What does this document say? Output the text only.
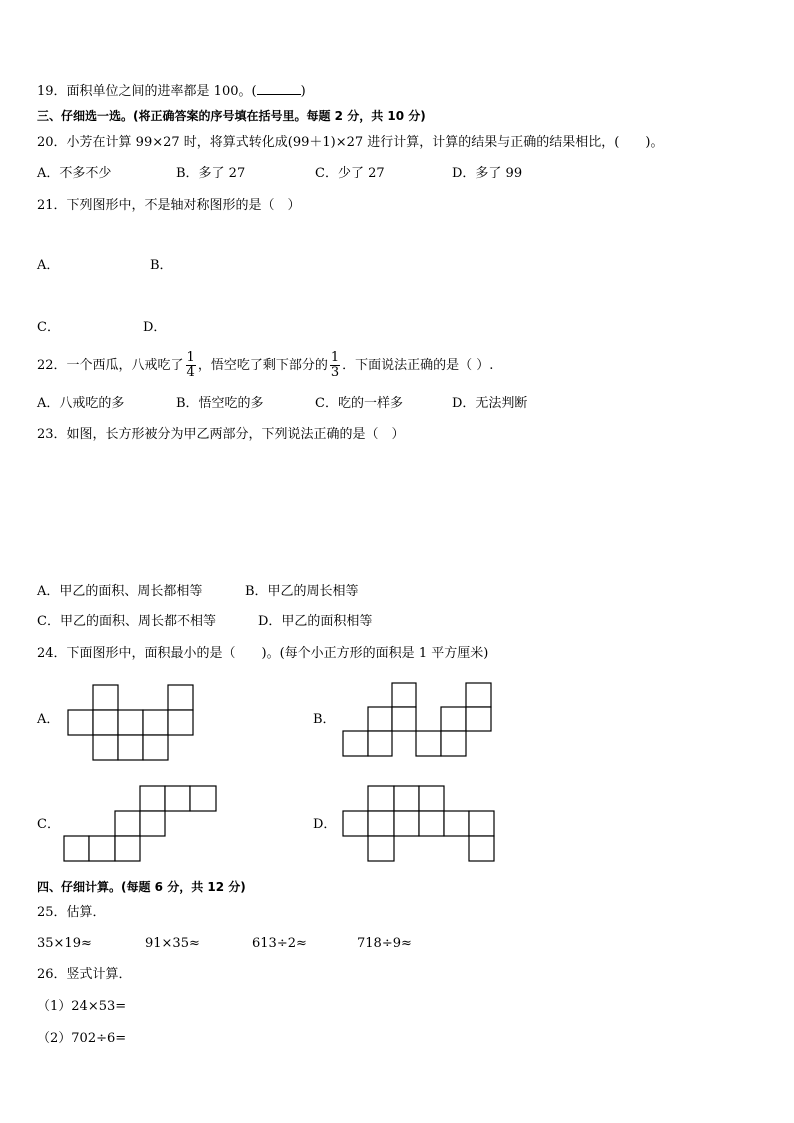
19．面积单位之间的进率都是 100。(	)
三、仔细选一选。(将正确答案的序号填在括号里。每题 2 分，共 10 分)
20．小芳在计算 99×27 时，将算式转化成(99＋1)×27 进行计算，计算的结果与正确的结果相比，(　　)。
A．不多不少	B．多了 27	C．少了 27	D．多了 99
21．下列图形中，不是轴对称图形的是（　）
A．	B．
C．	D．
22．一个西瓜，八戒吃了 $\frac{1}{4}$ ，悟空吃了剩下部分的 $\frac{1}{3}$ ．下面说法正确的是（ ）.
A．八戒吃的多	B．悟空吃的多	C．吃的一样多	D．无法判断
23．如图，长方形被分为甲乙两部分，下列说法正确的是（　）
A．甲乙的面积、周长都相等	B．甲乙的周长相等
C．甲乙的面积、周长都不相等	D．甲乙的面积相等
24．下面图形中，面积最小的是（　　)。(每个小正方形的面积是 1 平方厘米)
A．	B．
C．	D．
四、仔细计算。(每题 6 分，共 12 分)
25．估算．
35×19≈	91×35≈	613÷2≈	718÷9≈
26．竖式计算．
（1）24×53=
（2）702÷6=
